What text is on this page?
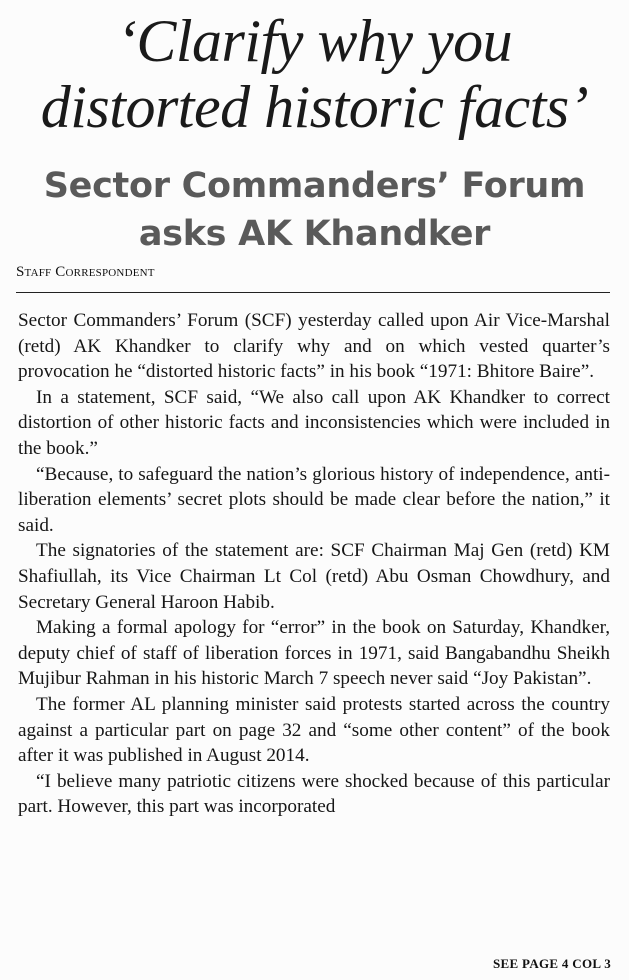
‘Clarify why you
distorted historic facts’
Sector Commanders’ Forum
asks AK Khandker
Staff Correspondent

Sector Commanders’ Forum (SCF) yesterday called upon Air Vice-Marshal (retd) AK Khandker to clarify why and on which vested quarter’s provocation he “distorted historic facts” in his book “1971: Bhitore Baire”.

In a statement, SCF said, “We also call upon AK Khandker to correct distortion of other historic facts and inconsistencies which were included in the book.”

“Because, to safeguard the nation’s glorious history of independence, anti-liberation elements’ secret plots should be made clear before the nation,” it said.

The signatories of the statement are: SCF Chairman Maj Gen (retd) KM Shafiullah, its Vice Chairman Lt Col (retd) Abu Osman Chowdhury, and Secretary General Haroon Habib.

Making a formal apology for “error” in the book on Saturday, Khandker, deputy chief of staff of liberation forces in 1971, said Bangabandhu Sheikh Mujibur Rahman in his historic March 7 speech never said “Joy Pakistan”.

The former AL planning minister said protests started across the country against a particular part on page 32 and “some other content” of the book after it was published in August 2014.

“I believe many patriotic citizens were shocked because of this particular part. However, this part was incorporated

SEE PAGE 4 COL 3
